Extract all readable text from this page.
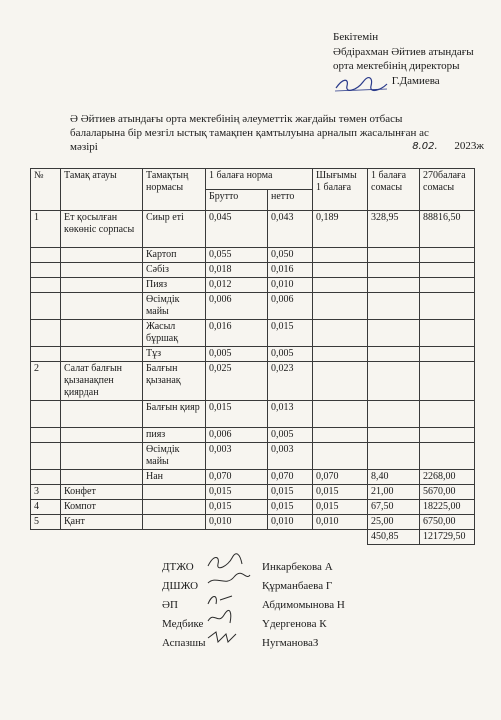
Бекітемін
Әбдірахман Әйтиев атындағы
орта мектебінің директоры
Г.Дамиева
Ә Әйтиев атындағы орта мектебінің әлеуметтік жағдайы төмен отбасы балаларына бір мезгіл ыстық тамақпен қамтылуына арналып жасалынған ас мәзірі	8.02. 2023ж
№	Тамақ атауы	Тамақтың нормасы	1 балаға норма		Шығымы 1 балаға	1 балаға сомасы	270балаға сомасы
			Брутто	нетто			
1	Ет қосылған көкөніс сорпасы	Сиыр еті	0,045	0,043	0,189	328,95	88816,50
		Картоп	0,055	0,050			
		Сәбіз	0,018	0,016			
		Пияз	0,012	0,010			
		Өсімдік майы	0,006	0,006			
		Жасыл бұршақ	0,016	0,015			
		Тұз	0,005	0,005			
2	Салат балғын қызанақпен қиярдан	Балғын қызанақ	0,025	0,023			
		Балғын қияр	0,015	0,013			
		пияз	0,006	0,005			
		Өсімдік майы	0,003	0,003			
		Нан	0,070	0,070	0,070	8,40	2268,00
3	Конфет		0,015	0,015	0,015	21,00	5670,00
4	Компот		0,015	0,015	0,015	67,50	18225,00
5	Қант		0,010	0,010	0,010	25,00	6750,00
						450,85	121729,50
ДТЖО	Инкарбекова А
ДШЖО	Құрманбаева Г
ӘП	Абдимомынова Н
Медбике	Үдергенова К
Аспазшы	НугмановаЗ
